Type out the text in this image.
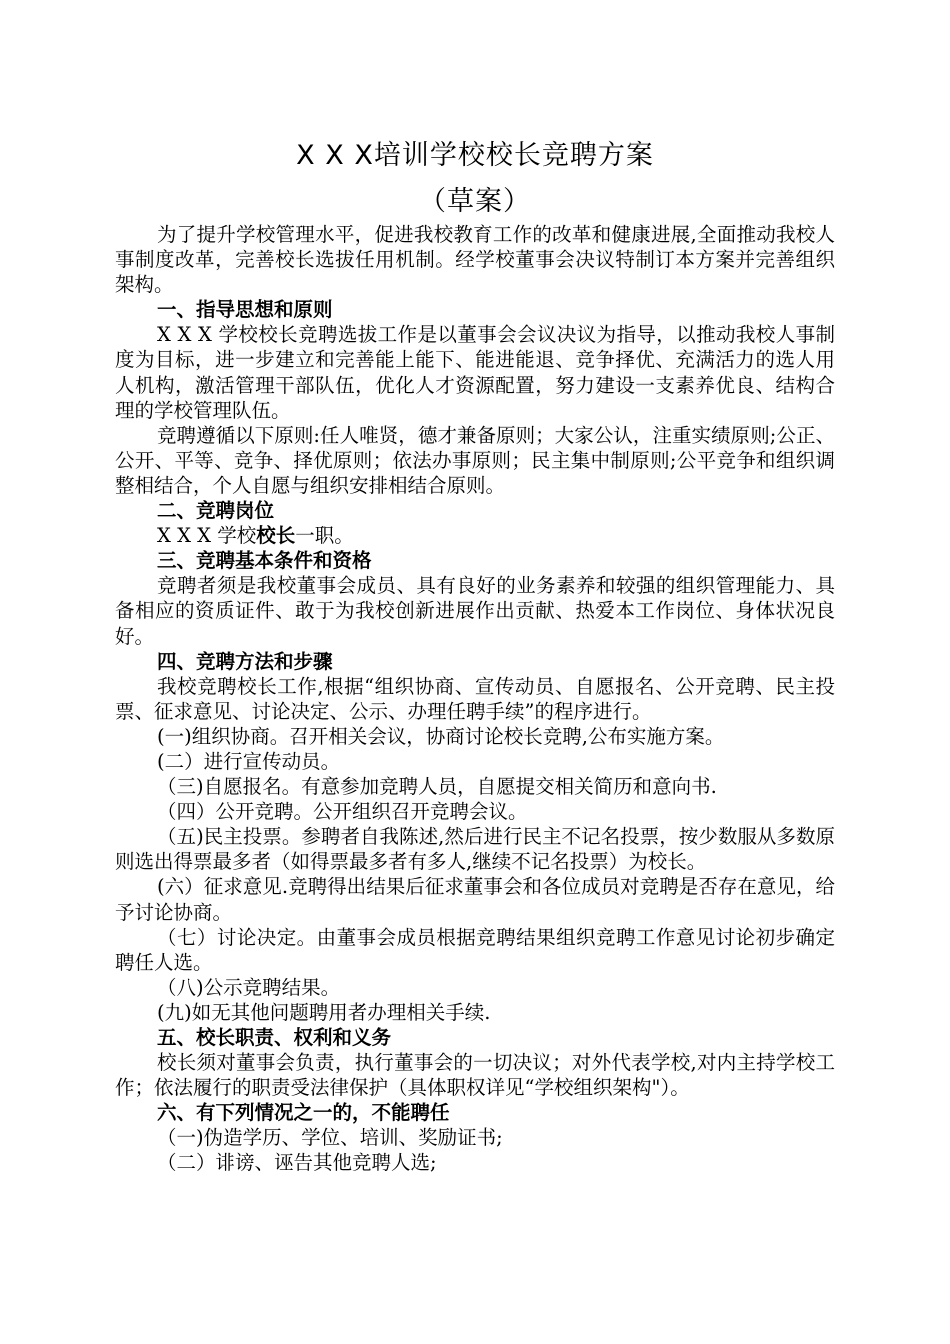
X X X培训学校校长竞聘方案
（草案）

为了提升学校管理水平，促进我校教育工作的改革和健康进展,全面推动我校人事制度改革，完善校长选拔任用机制。经学校董事会决议特制订本方案并完善组织架构。

一、指导思想和原则

X X X 学校校长竞聘选拔工作是以董事会会议决议为指导，以推动我校人事制度为目标，进一步建立和完善能上能下、能进能退、竞争择优、充满活力的选人用人机构，激活管理干部队伍，优化人才资源配置，努力建设一支素养优良、结构合理的学校管理队伍。

竞聘遵循以下原则:任人唯贤，德才兼备原则；大家公认，注重实绩原则;公正、公开、平等、竞争、择优原则；依法办事原则；民主集中制原则;公平竞争和组织调整相结合，个人自愿与组织安排相结合原则。

二、竞聘岗位

X X X 学校校长一职。

三、竞聘基本条件和资格

竞聘者须是我校董事会成员、具有良好的业务素养和较强的组织管理能力、具备相应的资质证件、敢于为我校创新进展作出贡献、热爱本工作岗位、身体状况良好。

四、竞聘方法和步骤

我校竞聘校长工作,根据“组织协商、宣传动员、自愿报名、公开竞聘、民主投票、征求意见、讨论决定、公示、办理任聘手续”的程序进行。

(一)组织协商。召开相关会议，协商讨论校长竞聘,公布实施方案。

(二）进行宣传动员。

（三)自愿报名。有意参加竞聘人员，自愿提交相关简历和意向书.

（四）公开竞聘。公开组织召开竞聘会议。

（五)民主投票。参聘者自我陈述,然后进行民主不记名投票，按少数服从多数原则选出得票最多者（如得票最多者有多人,继续不记名投票）为校长。

(六）征求意见.竞聘得出结果后征求董事会和各位成员对竞聘是否存在意见，给予讨论协商。

（七）讨论决定。由董事会成员根据竞聘结果组织竞聘工作意见讨论初步确定聘任人选。

（八)公示竞聘结果。

(九)如无其他问题聘用者办理相关手续.

五、校长职责、权利和义务

校长须对董事会负责，执行董事会的一切决议；对外代表学校,对内主持学校工作；依法履行的职责受法律保护（具体职权详见“学校组织架构"）。

六、有下列情况之一的，不能聘任

（一)伪造学历、学位、培训、奖励证书;

（二）诽谤、诬告其他竞聘人选;
